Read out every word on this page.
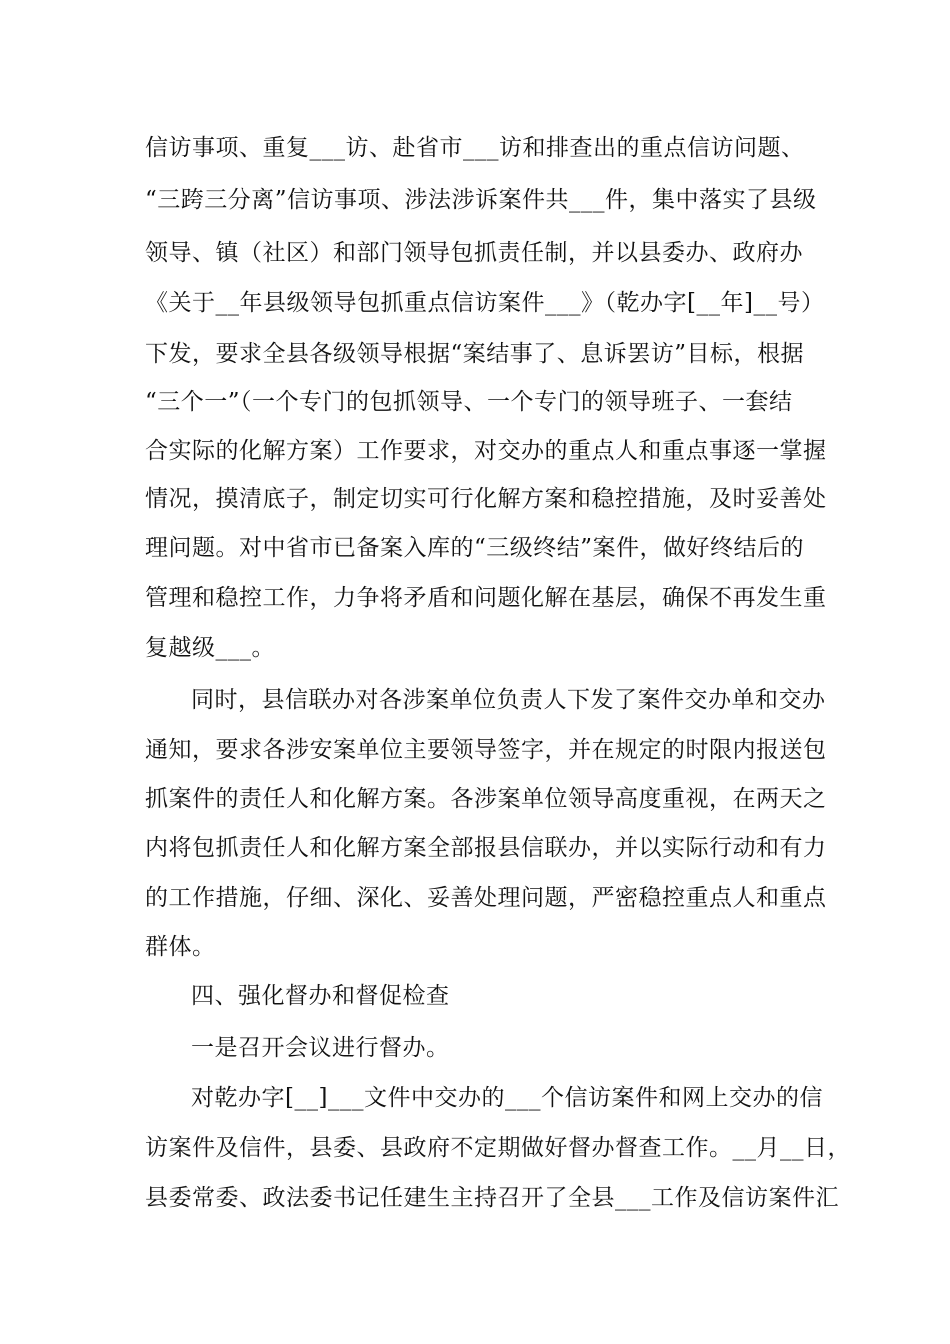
信访事项、重复___访、赴省市___访和排查出的重点信访问题、
“三跨三分离”信访事项、涉法涉诉案件共___件，集中落实了县级
领导、镇（社区）和部门领导包抓责任制，并以县委办、政府办
《关于__年县级领导包抓重点信访案件___》（乾办字[__年]__号）
下发，要求全县各级领导根据“案结事了、息诉罢访”目标，根据
“三个一”（一个专门的包抓领导、一个专门的领导班子、一套结
合实际的化解方案）工作要求，对交办的重点人和重点事逐一掌握
情况，摸清底子，制定切实可行化解方案和稳控措施，及时妥善处
理问题。对中省市已备案入库的“三级终结”案件，做好终结后的
管理和稳控工作，力争将矛盾和问题化解在基层，确保不再发生重
复越级___。
同时，县信联办对各涉案单位负责人下发了案件交办单和交办
通知，要求各涉安案单位主要领导签字，并在规定的时限内报送包
抓案件的责任人和化解方案。各涉案单位领导高度重视，在两天之
内将包抓责任人和化解方案全部报县信联办，并以实际行动和有力
的工作措施，仔细、深化、妥善处理问题，严密稳控重点人和重点
群体。
四、强化督办和督促检查
一是召开会议进行督办。
对乾办字[__]___文件中交办的___个信访案件和网上交办的信
访案件及信件，县委、县政府不定期做好督办督查工作。__月__日，
县委常委、政法委书记任建生主持召开了全县___工作及信访案件汇
